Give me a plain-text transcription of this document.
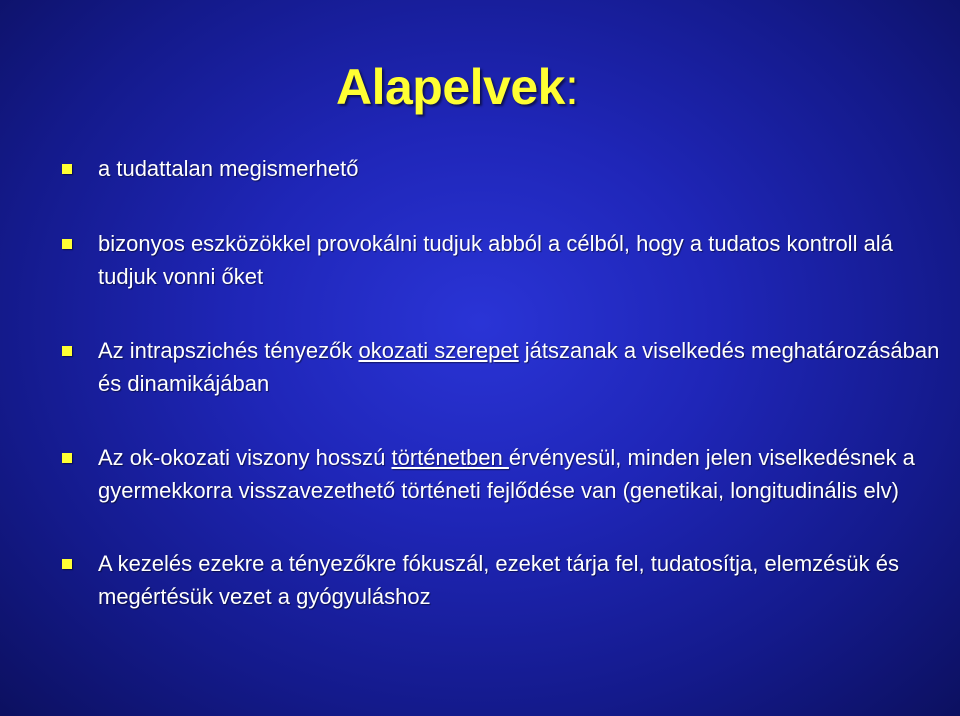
Alapelvek:
a tudattalan megismerhető
bizonyos eszközökkel provokálni tudjuk abból a célból, hogy a tudatos kontroll alá tudjuk vonni őket
Az intrapszichés tényezők okozati szerepet játszanak a viselkedés meghatározásában és dinamikájában
Az ok-okozati viszony hosszú történetben érvényesül, minden jelen viselkedésnek a gyermekkorra visszavezethető történeti fejlődése van (genetikai, longitudinális elv)
A kezelés ezekre a tényezőkre fókuszál, ezeket tárja fel, tudatosítja, elemzésük és megértésük vezet a gyógyuláshoz
